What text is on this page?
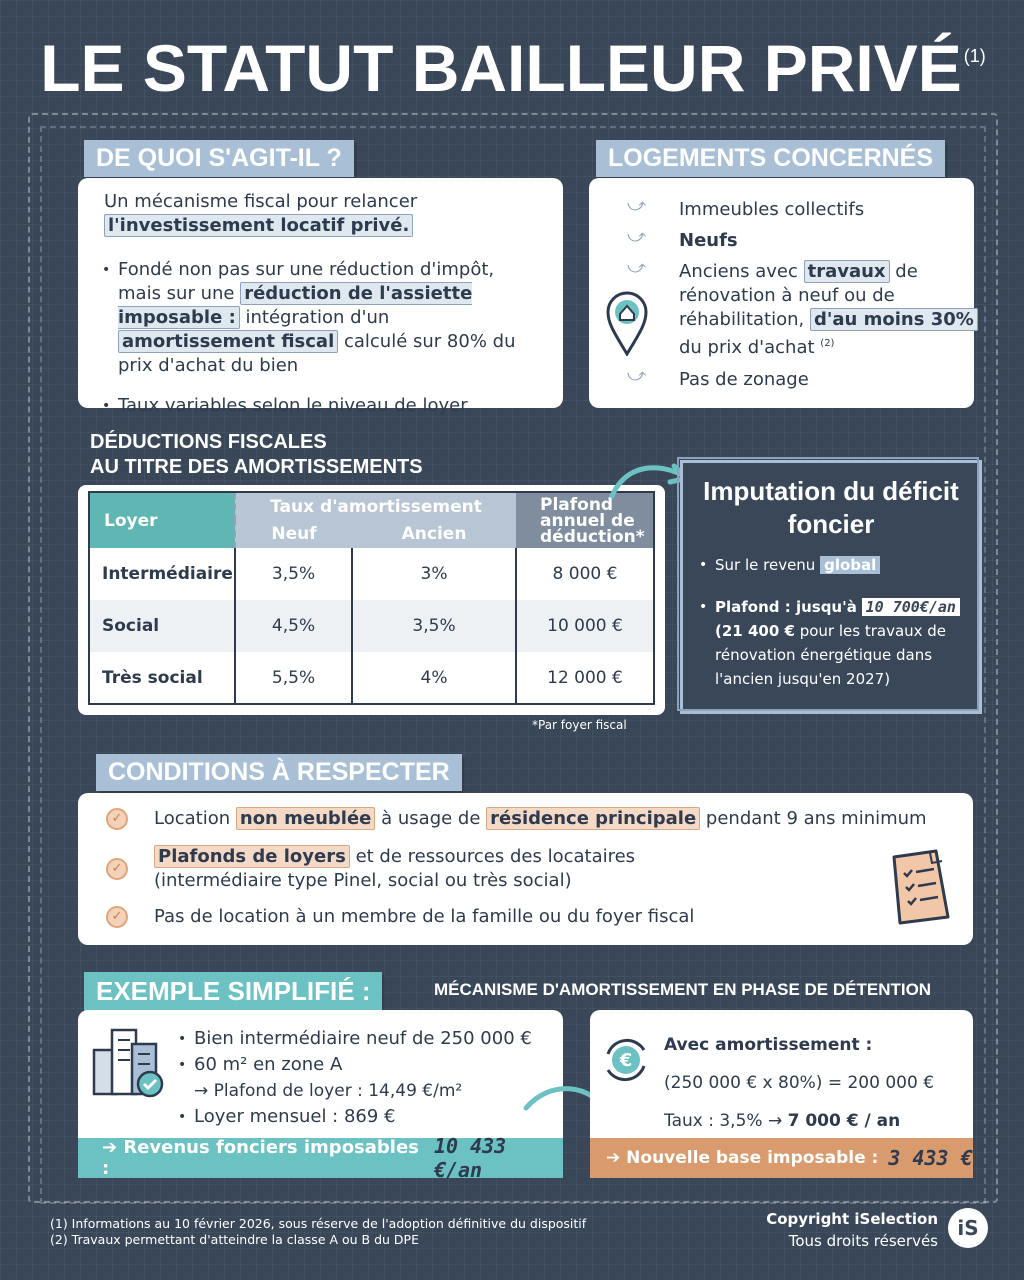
LE STATUT BAILLEUR PRIVÉ $^{(1)}$
DE QUOI S'AGIT-IL ?
Un mécanisme fiscal pour relancer
l'investissement locatif privé.
• Fondé non pas sur une réduction d'impôt, mais sur une réduction de l'assiette imposable : intégration d'un amortissement fiscal calculé sur 80% du prix d'achat du bien
• Taux variables selon le niveau de loyer
LOGEMENTS CONCERNÉS
⤻ Immeubles collectifs
⤻ Neufs
⤻ Anciens avec travaux de rénovation à neuf ou de réhabilitation, d'au moins 30% du prix d'achat $^{(2)}$
⤻ Pas de zonage
DÉDUCTIONS FISCALES
AU TITRE DES AMORTISSEMENTS
Loyer	Taux d'amortissement		Plafond annuel de déduction*
	Neuf	Ancien	
Intermédiaire	3,5%	3%	8 000 €
Social	4,5%	3,5%	10 000 €
Très social	5,5%	4%	12 000 €
*Par foyer fiscal
Imputation du déficit foncier
• Sur le revenu global
• Plafond : jusqu'à 10 700€/an (21 400 € pour les travaux de rénovation énergétique dans l'ancien jusqu'en 2027)
CONDITIONS À RESPECTER
✓	Location non meublée à usage de résidence principale pendant 9 ans minimum
✓
Plafonds de loyers et de ressources des locataires
(intermédiaire type Pinel, social ou très social)
✓	Pas de location à un membre de la famille ou du foyer fiscal
EXEMPLE SIMPLIFIÉ :	MÉCANISME D'AMORTISSEMENT EN PHASE DE DÉTENTION
• Bien intermédiaire neuf de 250 000 €
• 60 m² en zone A
→ Plafond de loyer : 14,49 €/m²
• Loyer mensuel : 869 €
➔ Revenus fonciers imposables :
10 433 €/an
€
Avec amortissement :
(250 000 € x 80%) = 200 000 €
Taux : 3,5% → 7 000 € / an
➔ Nouvelle base imposable : 3 433 €
(1) Informations au 10 février 2026, sous réserve de l'adoption définitive du dispositif
(2) Travaux permettant d'atteindre la classe A ou B du DPE
Copyright iSelection
Tous droits réservés
iS
